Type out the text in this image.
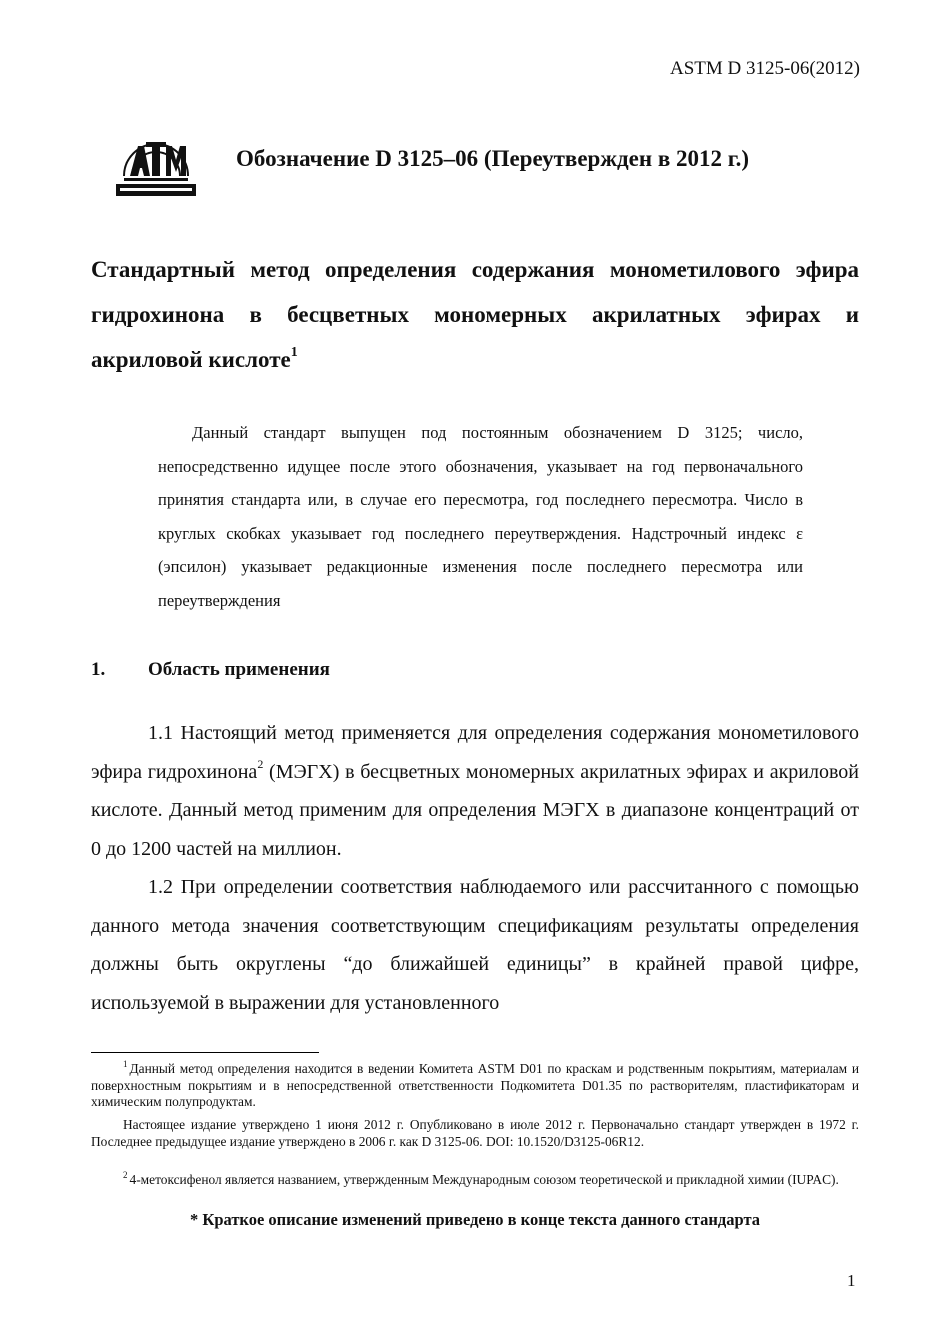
ASTM D 3125-06(2012)
Обозначение D 3125–06 (Переутвержден в 2012 г.)
Стандартный метод определения содержания монометилового эфира гидрохинона в бесцветных мономерных акрилатных эфирах и акриловой кислоте$^1$
Данный стандарт выпущен под постоянным обозначением D 3125; число, непосредственно идущее после этого обозначения, указывает на год первоначального принятия стандарта или, в случае его пересмотра, год последнего пересмотра. Число в круглых скобках указывает год последнего переутверждения. Надстрочный индекс ε (эпсилон) указывает редакционные изменения после последнего пересмотра или переутверждения
1. Область применения
1.1 Настоящий метод применяется для определения содержания монометилового эфира гидрохинона$^2$ (МЭГХ) в бесцветных мономерных акрилатных эфирах и акриловой кислоте. Данный метод применим для определения МЭГХ в диапазоне концентраций от 0 до 1200 частей на миллион.
1.2 При определении соответствия наблюдаемого или рассчитанного с помощью данного метода значения соответствующим спецификациям результаты определения должны быть округлены “до ближайшей единицы” в крайней правой цифре, используемой в выражении для установленного
$^1$ Данный метод определения находится в ведении Комитета ASTM D01 по краскам и родственным покрытиям, материалам и поверхностным покрытиям и в непосредственной ответственности Подкомитета D01.35 по растворителям, пластификаторам и химическим полупродуктам.
Настоящее издание утверждено 1 июня 2012 г. Опубликовано в июле 2012 г. Первоначально стандарт утвержден в 1972 г. Последнее предыдущее издание утверждено в 2006 г. как D 3125-06. DOI: 10.1520/D3125-06R12.
$^2$ 4-метоксифенол является названием, утвержденным Международным союзом теоретической и прикладной химии (IUPAC).
* Краткое описание изменений приведено в конце текста данного стандарта
1
